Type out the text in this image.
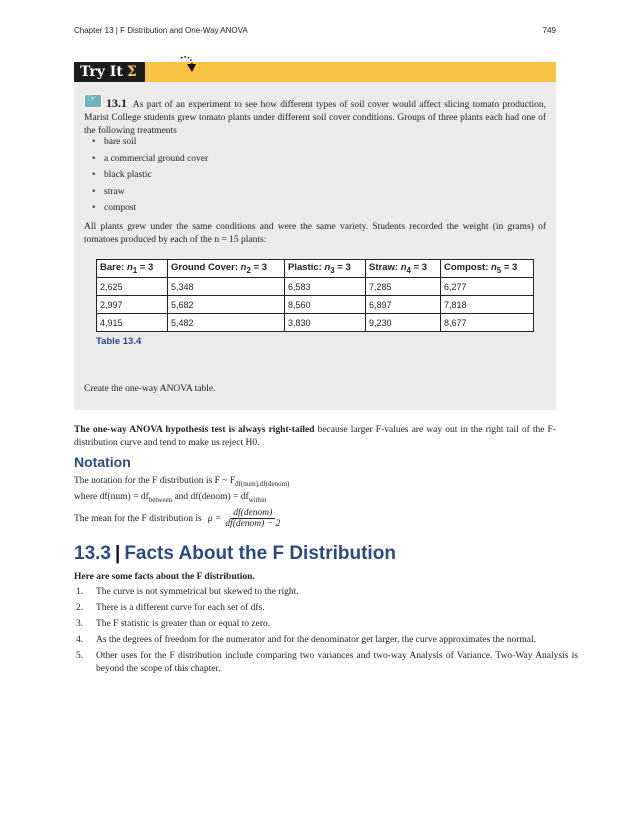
Chapter 13 | F Distribution and One-Way ANOVA	749
Try It Σ

☞13.1 As part of an experiment to see how different types of soil cover would affect slicing tomato production, Marist College students grew tomato plants under different soil cover conditions. Groups of three plants each had one of the following treatments

• bare soil
• a commercial ground cover
• black plastic
• straw
• compost

All plants grew under the same conditions and were the same variety. Students recorded the weight (in grams) of tomatoes produced by each of the n = 15 plants:

Bare: $n_1 = 3$	Ground Cover: $n_2 = 3$	Plastic: $n_3 = 3$	Straw: $n_4 = 3$	Compost: $n_5 = 3$
2,625	5,348	6,583	7,285	6,277
2,997	5,682	8,560	6,897	7,818
4,915	5,482	3,830	9,230	8,677
Table 13.4
Create the one-way ANOVA table.

The one-way ANOVA hypothesis test is always right-tailed because larger F-values are way out in the right tail of the F-distribution curve and tend to make us reject H0.

Notation
The notation for the F distribution is F ~ $F_{df(num),df(denom)}$
where $df(num) = df_{between}$ and df(denom) = $df_{within}$
The mean for the F distribution is $\mu = \frac{\text{df(denom)}}{\text{df(denom) − 2}}$
13.3 | Facts About the F Distribution
Here are some facts about the F distribution.
1. The curve is not symmetrical but skewed to the right.
2. There is a different curve for each set of dfs.
3. The F statistic is greater than or equal to zero.
4. As the degrees of freedom for the numerator and for the denominator get larger, the curve approximates the normal.
5. Other uses for the F distribution include comparing two variances and two-way Analysis of Variance. Two-Way Analysis is beyond the scope of this chapter.
